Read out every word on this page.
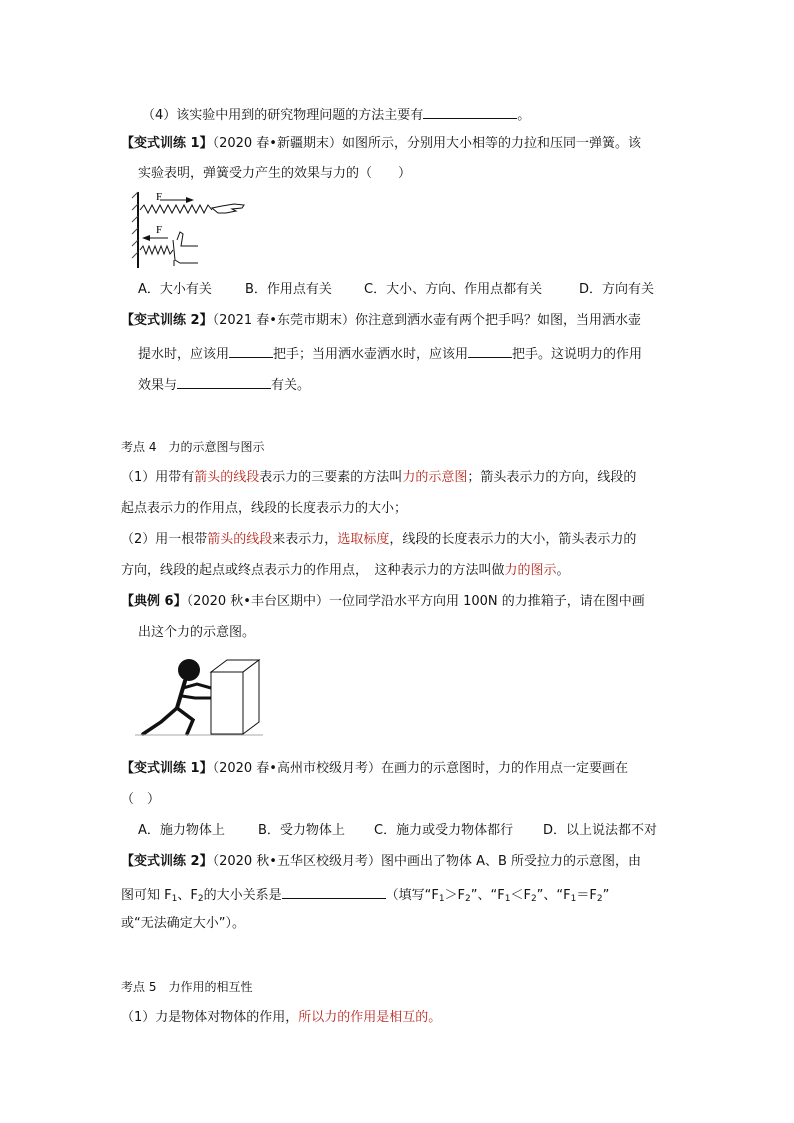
（4）该实验中用到的研究物理问题的方法主要有	。
【变式训练 1】（2020 春•新疆期末）如图所示，分别用大小相等的力拉和压同一弹簧。该
实验表明，弹簧受力产生的效果与力的（　　）
F
F
A．大小有关	B．作用点有关 C．大小、方向、作用点都有关	D．方向有关
【变式训练 2】（2021 春•东莞市期末）你注意到洒水壶有两个把手吗？如图，当用洒水壶
提水时，应该用	把手；当用洒水壶洒水时，应该用	把手。这说明力的作用
效果与	有关。
考点 4　力的示意图与图示
（1）用带有箭头的线段表示力的三要素的方法叫力的示意图；箭头表示力的方向，线段的
起点表示力的作用点，线段的长度表示力的大小；
（2）用一根带箭头的线段来表示力，选取标度，线段的长度表示力的大小，箭头表示力的
方向，线段的起点或终点表示力的作用点，　这种表示力的方法叫做力的图示。
【典例 6】（2020 秋•丰台区期中）一位同学沿水平方向用 100N 的力推箱子，请在图中画
出这个力的示意图。
【变式训练 1】（2020 春•高州市校级月考）在画力的示意图时，力的作用点一定要画在
（　）
A．施力物体上	B．受力物体上 C．施力或受力物体都行 D．以上说法都不对
【变式训练 2】（2020 秋•五华区校级月考）图中画出了物体 A、B 所受拉力的示意图，由
图可知 $F_1$、$F_2$的大小关系是	（填写“$F_1>F_2$”、“$F_1<F_2$”、“$F_1=F_2$”
或“无法确定大小”）。
考点 5　力作用的相互性
（1）力是物体对物体的作用，所以力的作用是相互的。
